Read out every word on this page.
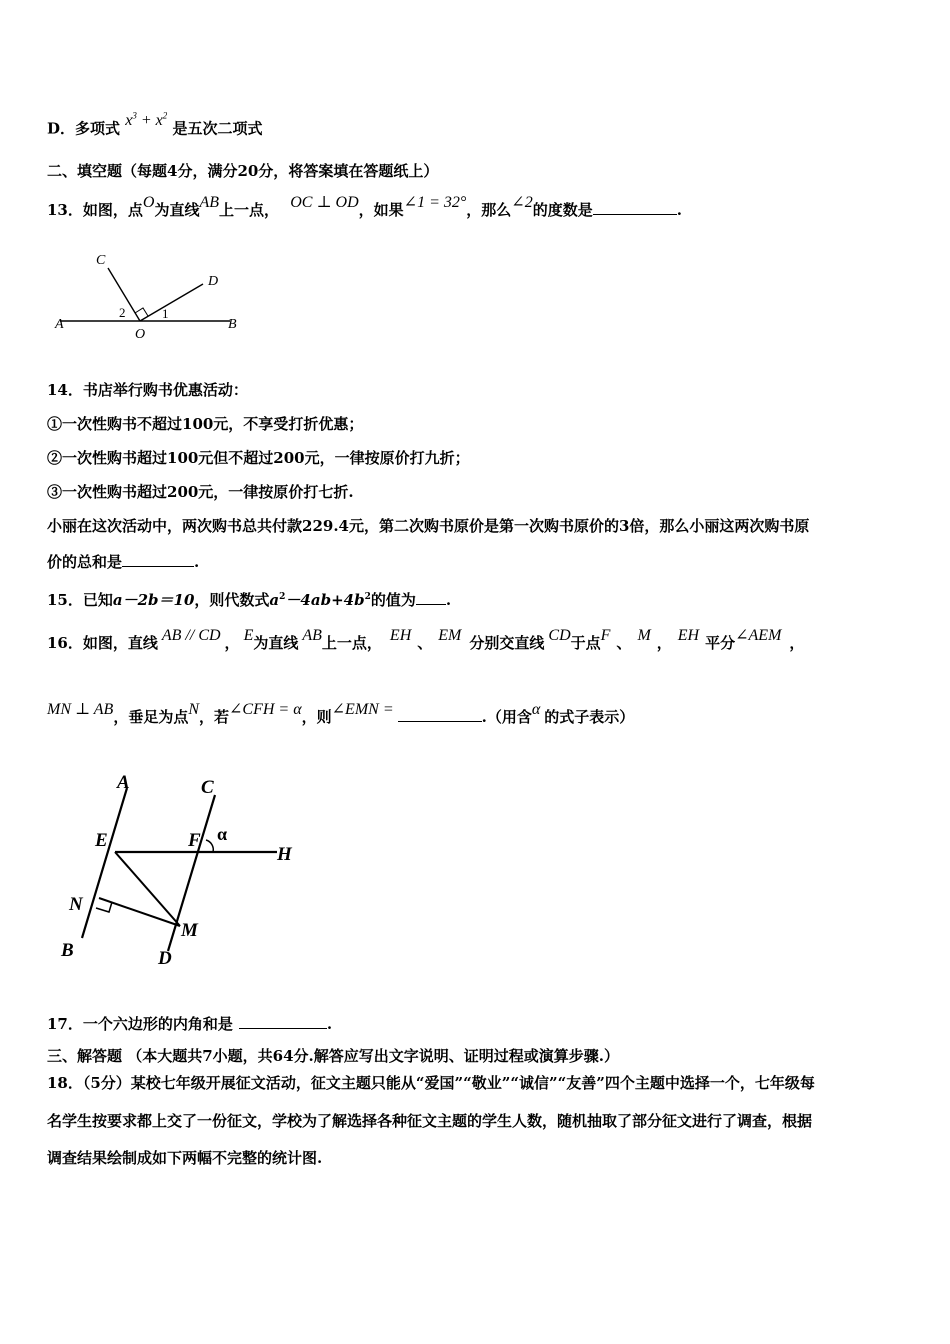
D．多项式 $x^3 + x^2$ 是五次二项式
二、填空题（每题4分，满分20分，将答案填在答题纸上）
13．如图，点O为直线AB上一点， OC ⊥ OD，如果∠1 = 32°，那么∠2的度数是	.
A	B
C
D
O
1
2
14．书店举行购书优惠活动：
①一次性购书不超过100元，不享受打折优惠；
②一次性购书超过100元但不超过200元，一律按原价打九折；
③一次性购书超过200元，一律按原价打七折.
小丽在这次活动中，两次购书总共付款229.4元，第二次购书原价是第一次购书原价的3倍，那么小丽这两次购书原
价的总和是	.
15．已知a－2b＝10，则代数式$a^2-4ab+4b^2$的值为 .
16．如图，直线 AB // CD ， E为直线 AB上一点， EH 、 EM 分别交直线 CD于点F 、 M ， EH 平分∠AEM ，
MN ⊥ AB，垂足为点N，若∠CFH = α，则∠EMN =	.（用含α 的式子表示）
A
B
C
D
E	F
H
M
N
α
17．一个六边形的内角和是	.
三、解答题 （本大题共7小题，共64分.解答应写出文字说明、证明过程或演算步骤.）
18．（5分）某校七年级开展征文活动，征文主题只能从“爱国”“敬业”“诚信”“友善”四个主题中选择一个，七年级每
名学生按要求都上交了一份征文，学校为了解选择各种征文主题的学生人数，随机抽取了部分征文进行了调查，根据
调查结果绘制成如下两幅不完整的统计图.
